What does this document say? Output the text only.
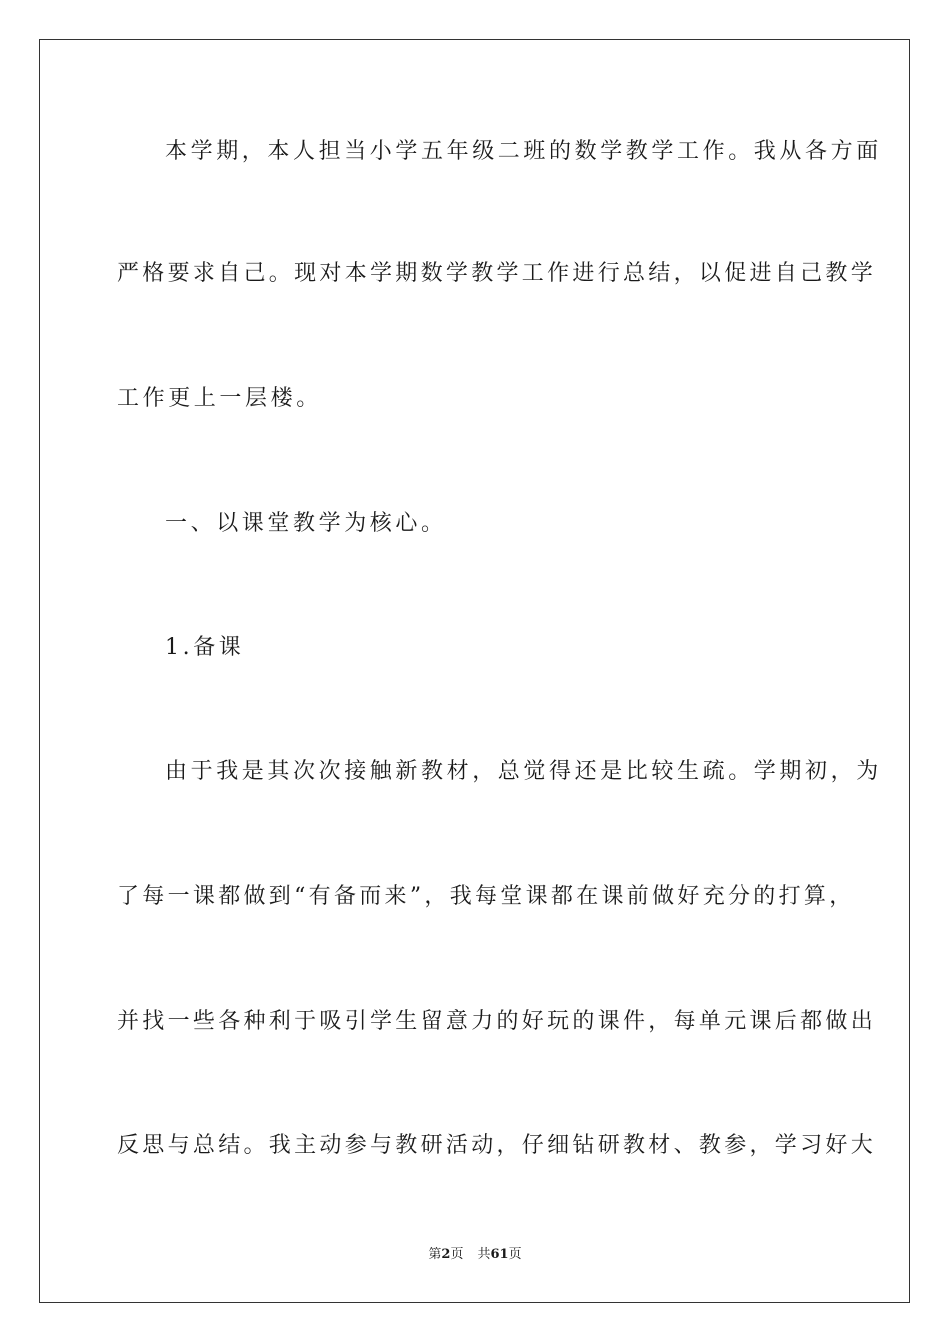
本学期，本人担当小学五年级二班的数学教学工作。我从各方面
严格要求自己。现对本学期数学教学工作进行总结，以促进自己教学
工作更上一层楼。
一、以课堂教学为核心。
1.备课
由于我是其次次接触新教材，总觉得还是比较生疏。学期初，为
了每一课都做到“有备而来”，我每堂课都在课前做好充分的打算，
并找一些各种利于吸引学生留意力的好玩的课件，每单元课后都做出
反思与总结。我主动参与教研活动，仔细钻研教材、教参，学习好大
第2页 共61页
